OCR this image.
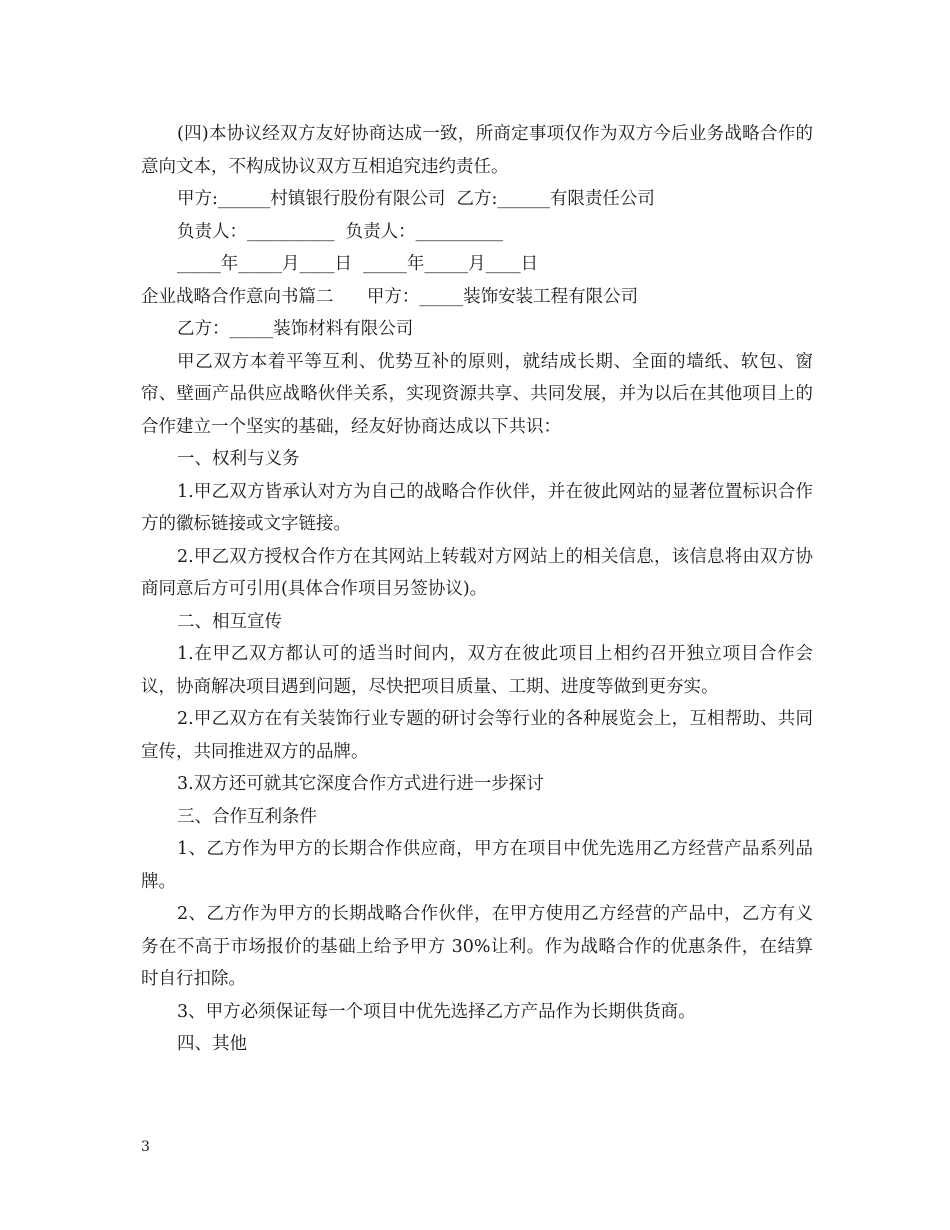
(四)本协议经双方友好协商达成一致，所商定事项仅作为双方今后业务战略合作的意向文本，不构成协议双方互相追究违约责任。

甲方:______村镇银行股份有限公司  乙方:______有限责任公司

负责人：__________  负责人：__________

_____年_____月____日  _____年_____月____日

企业战略合作意向书篇二      甲方：_____装饰安装工程有限公司

乙方：_____装饰材料有限公司

甲乙双方本着平等互利、优势互补的原则，就结成长期、全面的墙纸、软包、窗帘、壁画产品供应战略伙伴关系，实现资源共享、共同发展，并为以后在其他项目上的合作建立一个坚实的基础，经友好协商达成以下共识：

一、权利与义务

1.甲乙双方皆承认对方为自己的战略合作伙伴，并在彼此网站的显著位置标识合作方的徽标链接或文字链接。

2.甲乙双方授权合作方在其网站上转载对方网站上的相关信息，该信息将由双方协商同意后方可引用(具体合作项目另签协议)。

二、相互宣传

1.在甲乙双方都认可的适当时间内，双方在彼此项目上相约召开独立项目合作会议，协商解决项目遇到问题，尽快把项目质量、工期、进度等做到更夯实。

2.甲乙双方在有关装饰行业专题的研讨会等行业的各种展览会上，互相帮助、共同宣传，共同推进双方的品牌。

3.双方还可就其它深度合作方式进行进一步探讨

三、合作互利条件

1、乙方作为甲方的长期合作供应商，甲方在项目中优先选用乙方经营产品系列品牌。

2、乙方作为甲方的长期战略合作伙伴，在甲方使用乙方经营的产品中，乙方有义务在不高于市场报价的基础上给予甲方 30%让利。作为战略合作的优惠条件，在结算时自行扣除。

3、甲方必须保证每一个项目中优先选择乙方产品作为长期供货商。

四、其他

3
